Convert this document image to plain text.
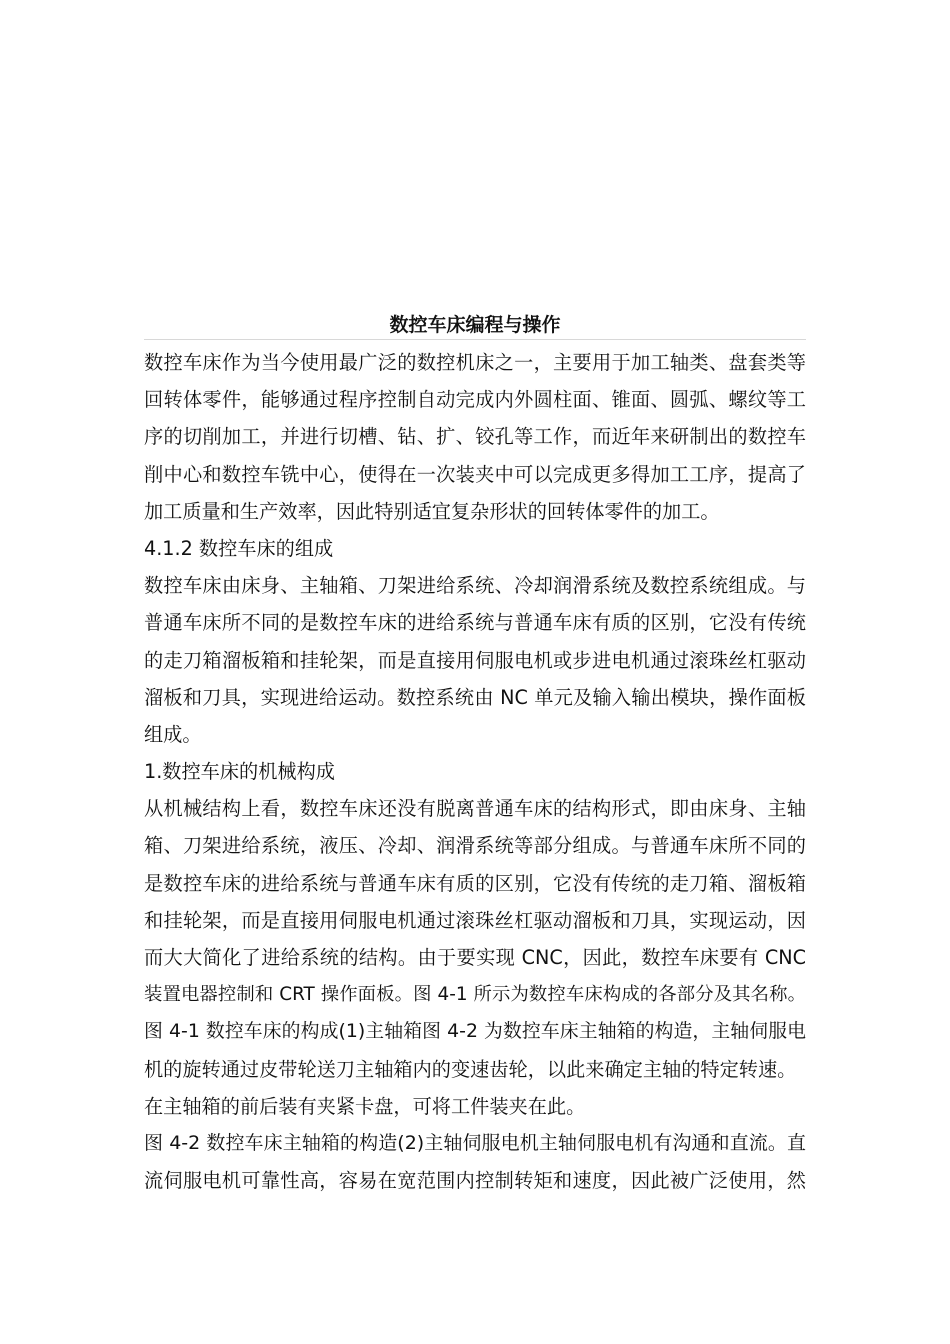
数控车床编程与操作
数控车床作为当今使用最广泛的数控机床之一，主要用于加工轴类、盘套类等
回转体零件，能够通过程序控制自动完成内外圆柱面、锥面、圆弧、螺纹等工
序的切削加工，并进行切槽、钻、扩、铰孔等工作，而近年来研制出的数控车
削中心和数控车铣中心，使得在一次装夹中可以完成更多得加工工序，提高了
加工质量和生产效率，因此特别适宜复杂形状的回转体零件的加工。
4.1.2 数控车床的组成
数控车床由床身、主轴箱、刀架进给系统、冷却润滑系统及数控系统组成。与
普通车床所不同的是数控车床的进给系统与普通车床有质的区别，它没有传统
的走刀箱溜板箱和挂轮架，而是直接用伺服电机或步进电机通过滚珠丝杠驱动
溜板和刀具，实现进给运动。数控系统由 NC 单元及输入输出模块，操作面板
组成。
1.数控车床的机械构成
从机械结构上看，数控车床还没有脱离普通车床的结构形式，即由床身、主轴
箱、刀架进给系统，液压、冷却、润滑系统等部分组成。与普通车床所不同的
是数控车床的进给系统与普通车床有质的区别，它没有传统的走刀箱、溜板箱
和挂轮架，而是直接用伺服电机通过滚珠丝杠驱动溜板和刀具，实现运动，因
而大大简化了进给系统的结构。由于要实现 CNC，因此，数控车床要有 CNC
装置电器控制和 CRT 操作面板。图 4-1 所示为数控车床构成的各部分及其名称。
图 4-1 数控车床的构成(1)主轴箱图 4-2 为数控车床主轴箱的构造，主轴伺服电
机的旋转通过皮带轮送刀主轴箱内的变速齿轮，以此来确定主轴的特定转速。
在主轴箱的前后装有夹紧卡盘，可将工件装夹在此。
图 4-2 数控车床主轴箱的构造(2)主轴伺服电机主轴伺服电机有沟通和直流。直
流伺服电机可靠性高，容易在宽范围内控制转矩和速度，因此被广泛使用，然
